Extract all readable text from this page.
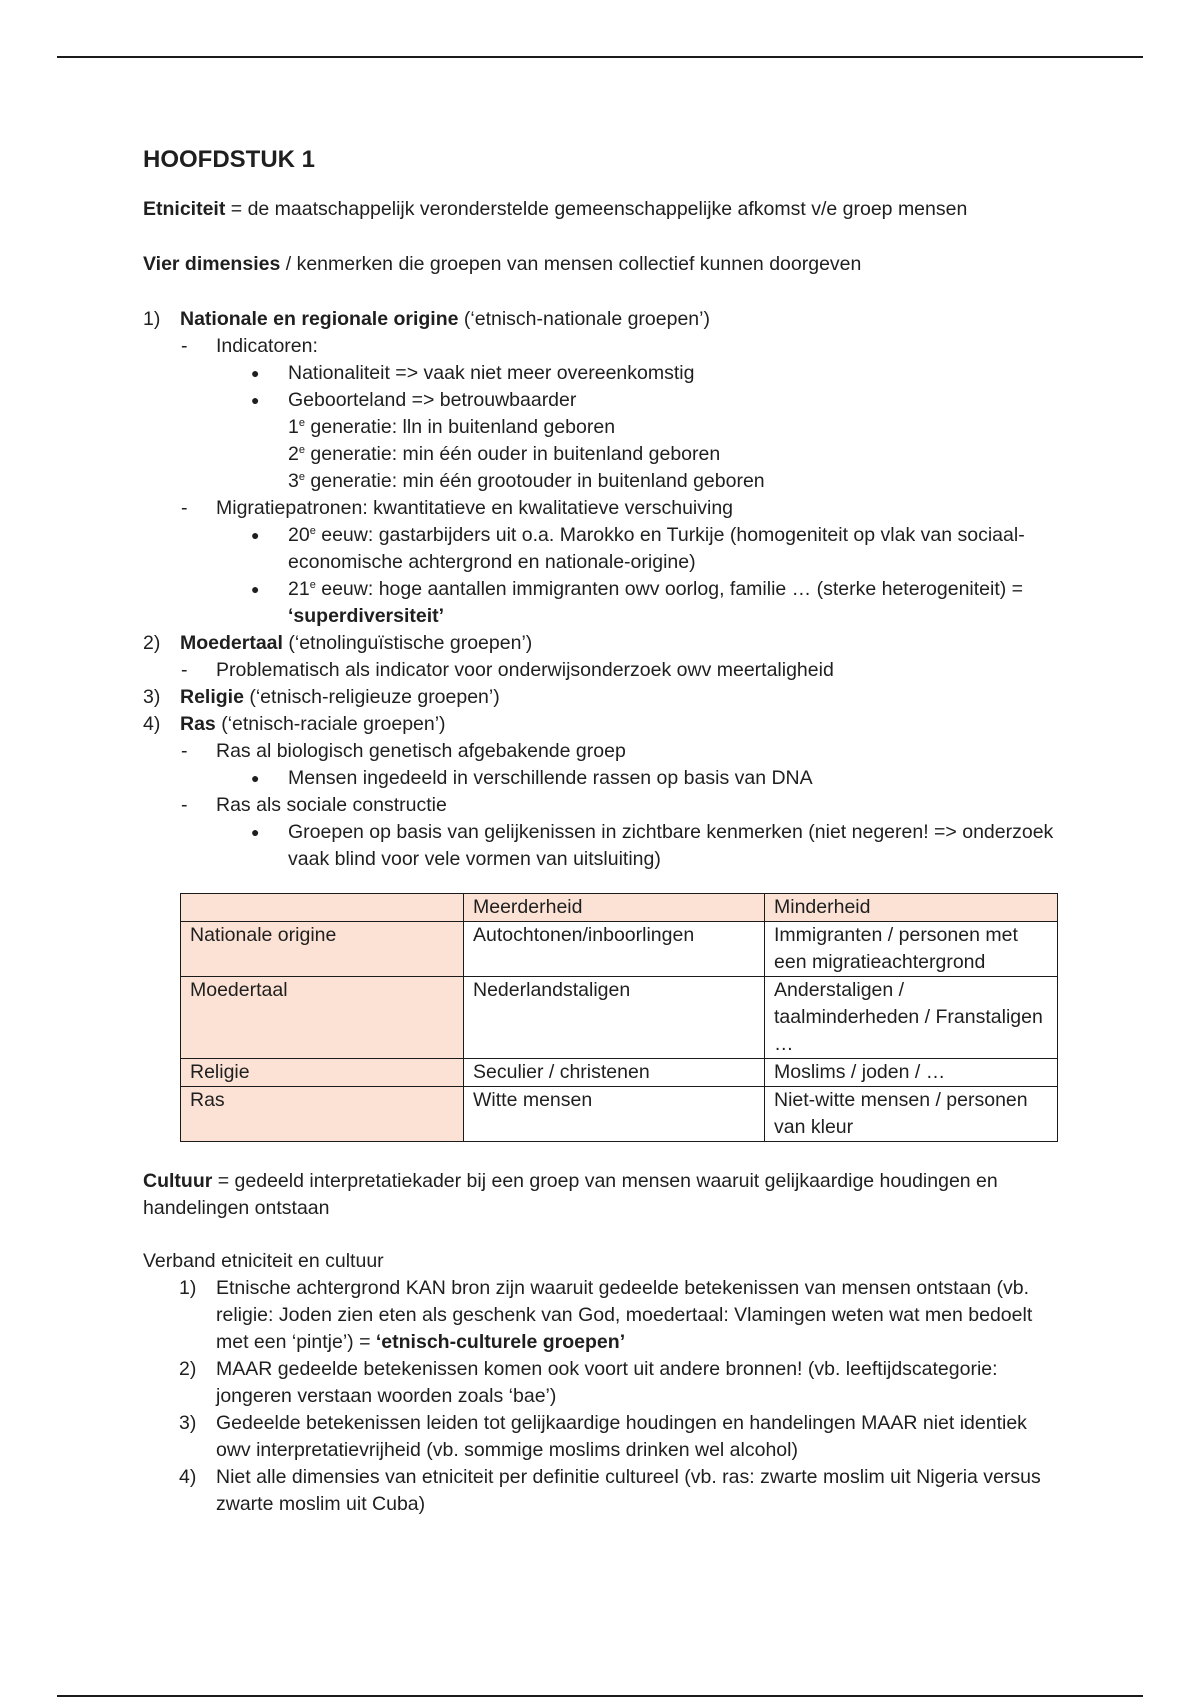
HOOFDSTUK 1

Etniciteit = de maatschappelijk veronderstelde gemeenschappelijke afkomst v/e groep mensen

Vier dimensies / kenmerken die groepen van mensen collectief kunnen doorgeven

1) Nationale en regionale origine (‘etnisch-nationale groepen’)
- Indicatoren:
● Nationaliteit => vaak niet meer overeenkomstig
● Geboorteland => betrouwbaarder
1e generatie: lln in buitenland geboren
2e generatie: min één ouder in buitenland geboren
3e generatie: min één grootouder in buitenland geboren
- Migratiepatronen: kwantitatieve en kwalitatieve verschuiving
● 20e eeuw: gastarbijders uit o.a. Marokko en Turkije (homogeniteit op vlak van sociaal-economische achtergrond en nationale-origine)
● 21e eeuw: hoge aantallen immigranten owv oorlog, familie … (sterke heterogeniteit) = ‘superdiversiteit’
2) Moedertaal (‘etnolinguïstische groepen’)
- Problematisch als indicator voor onderwijsonderzoek owv meertaligheid
3) Religie (‘etnisch-religieuze groepen’)
4) Ras (‘etnisch-raciale groepen’)
- Ras al biologisch genetisch afgebakende groep
● Mensen ingedeeld in verschillende rassen op basis van DNA
- Ras als sociale constructie
● Groepen op basis van gelijkenissen in zichtbare kenmerken (niet negeren! => onderzoek vaak blind voor vele vormen van uitsluiting)
	Meerderheid	Minderheid
Nationale origine	Autochtonen/inboorlingen	Immigranten / personen met een migratieachtergrond
Moedertaal	Nederlandstaligen	Anderstaligen / taalminderheden / Franstaligen …
Religie	Seculier / christenen	Moslims / joden / …
Ras	Witte mensen	Niet-witte mensen / personen van kleur

Cultuur = gedeeld interpretatiekader bij een groep van mensen waaruit gelijkaardige houdingen en handelingen ontstaan

Verband etniciteit en cultuur

1) Etnische achtergrond KAN bron zijn waaruit gedeelde betekenissen van mensen ontstaan (vb. religie: Joden zien eten als geschenk van God, moedertaal: Vlamingen weten wat men bedoelt met een ‘pintje’) = ‘etnisch-culturele groepen’
2) MAAR gedeelde betekenissen komen ook voort uit andere bronnen! (vb. leeftijdscategorie: jongeren verstaan woorden zoals ‘bae’)
3) Gedeelde betekenissen leiden tot gelijkaardige houdingen en handelingen MAAR niet identiek owv interpretatievrijheid (vb. sommige moslims drinken wel alcohol)
4) Niet alle dimensies van etniciteit per definitie cultureel (vb. ras: zwarte moslim uit Nigeria versus zwarte moslim uit Cuba)
